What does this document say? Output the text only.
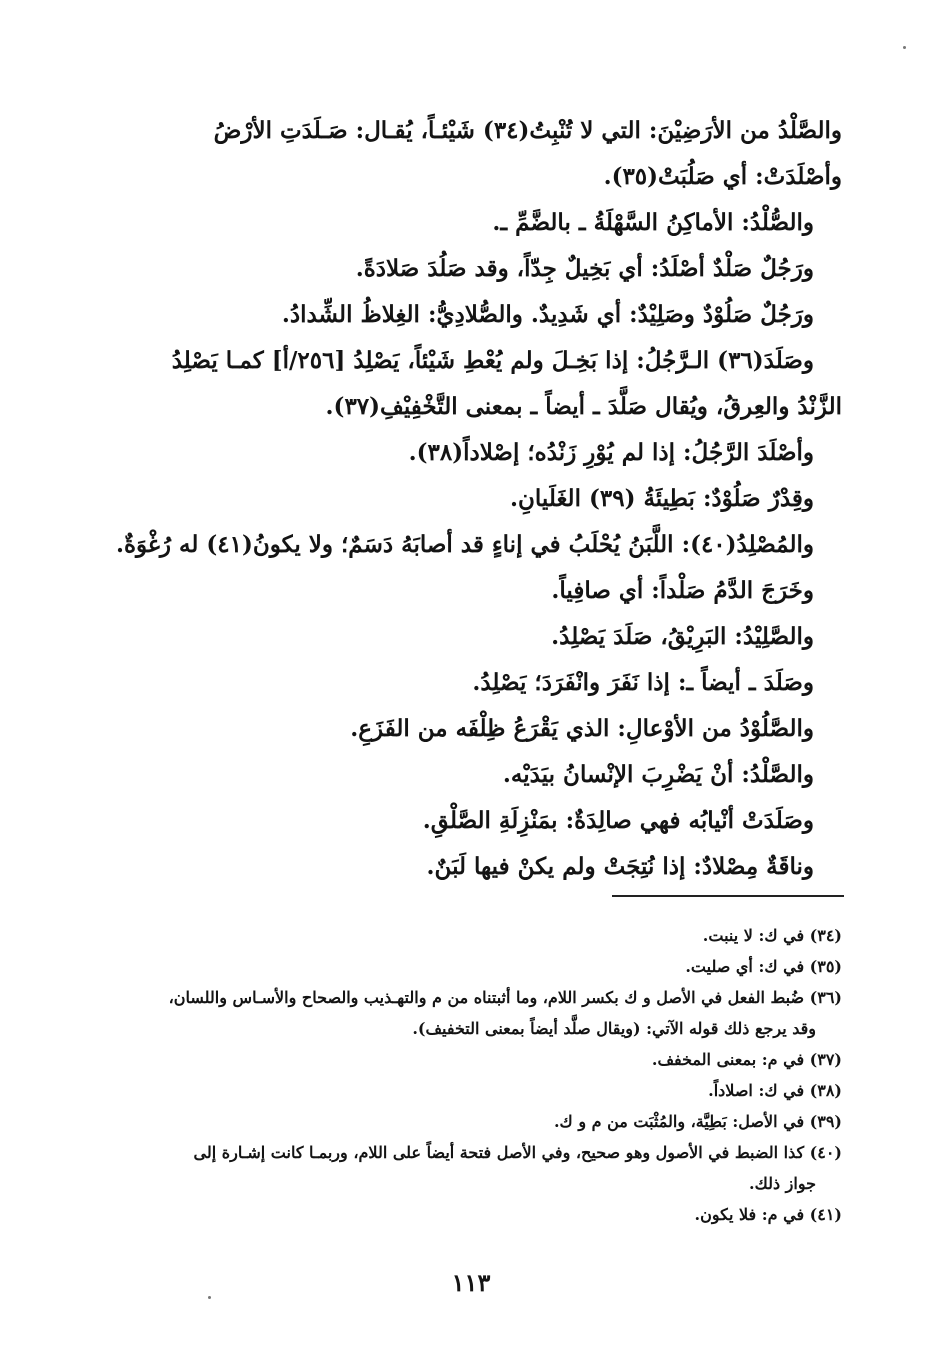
والصَّلْدُ من الأرَضِيْنَ: التي لا تُنْبِتُ(٣٤) شَيْئـاً، يُقـال: صَـلَدَتِ الأرْضُ

وأصْلَدَتْ: أي صَلُبَتْ(٣٥).

والصُّلْدُ: الأماكِنُ السَّهْلَةُ ـ بالضَّمِّ ـ.

ورَجُلٌ صَلْدٌ أصْلَدُ: أي بَخِيلٌ جِدّاً، وقد صَلُدَ صَلادَةً.

ورَجُلٌ صَلُوْدٌ وصَلِيْدٌ: أي شَدِيدٌ. والصُّلادِيُّ: الغِلاظُ الشِّدادُ.

وصَلَدَ(٣٦) الـرَّجُلُ: إذا بَخِـلَ ولم يُعْطِ شَيْئاً، يَصْلِدُ [٢٥٦/أ] كمـا يَصْلِدُ

الزَّنْدُ والعِرقُ، ويُقال صَلَّدَ ـ أيضاً ـ بمعنى التَّخْفِيْفِ(٣٧).

وأصْلَدَ الرَّجُلُ: إذا لم يُوْرِ زَنْدُه؛ إصْلاداً(٣٨).

وقِدْرٌ صَلُوْدٌ: بَطِيئَةُ (٣٩) الغَلَيانِ.

والمُصْلِدُ(٤٠): اللَّبَنُ يُحْلَبُ في إناءٍ قد أصابَهُ دَسَمٌ؛ ولا يكونُ(٤١) له رُغْوَةٌ.

وخَرَجَ الدَّمُ صَلْداً: أي صافِياً.

والصَّلِيْدُ: البَرِيْقُ، صَلَدَ يَصْلِدُ.

وصَلَدَ ـ أيضاً ـ: إذا نَفَرَ وانْفَرَدَ؛ يَصْلِدُ.

والصَّلُوْدُ من الأوْعالِ: الذي يَقْرَعُ ظِلْفَه من الفَزَعِ.

والصَّلْدُ: أنْ يَضْرِبَ الإنْسانُ بيَدَيْه.

وصَلَدَتْ أنْيابُه فهي صالِدَةٌ: بمَنْزِلَةِ الصَّلْقِ.

وناقَةٌ مِصْلادٌ: إذا نُتِجَتْ ولم يكنْ فيها لَبَنٌ.

(٣٤) في ك: لا ينبت.

(٣٥) في ك: أي صليت.

(٣٦) ضُبط الفعل في الأصل و ك بكسر اللام، وما أثبتناه من م والتهـذيب والصحاح والأسـاس واللسان،

وقد يرجع ذلك قوله الآتي: (ويقال صلَّد أيضاً بمعنى التخفيف).

(٣٧) في م: بمعنى المخفف.

(٣٨) في ك: اصلاداً.

(٣٩) في الأصل: بَطِيَّة، والمُثْبَت من م و ك.

(٤٠) كذا الضبط في الأصول وهو صحيح، وفي الأصل فتحة أيضاً على اللام، وربمـا كانت إشـارة إلى

جواز ذلك.

(٤١) في م: فلا يكون.

١١٣
